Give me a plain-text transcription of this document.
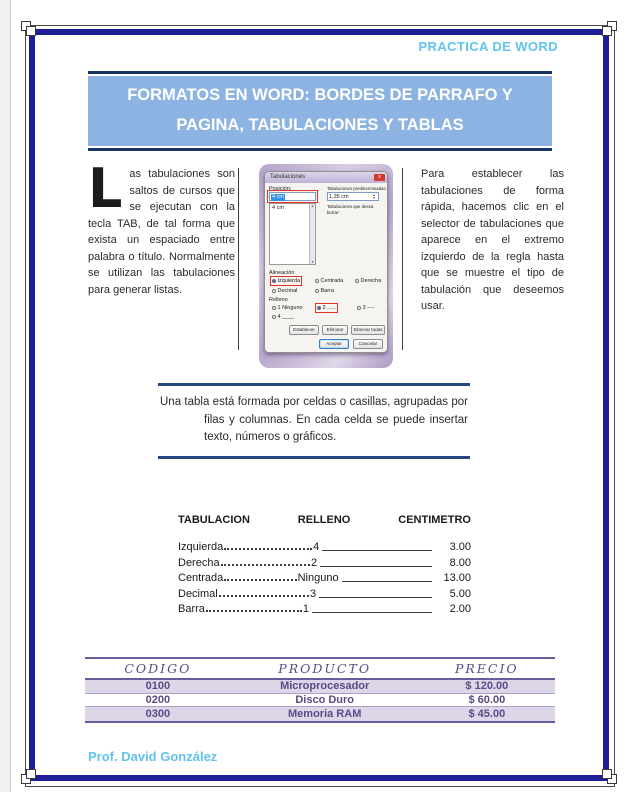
PRACTICA DE WORD
FORMATOS EN WORD: BORDES DE PARRAFO Y
PAGINA, TABULACIONES Y TABLAS
Las tabulaciones son saltos de cursos que se ejecutan con la tecla TAB, de tal forma que exista un espaciado entre palabra o título. Normalmente se utilizan las tabulaciones para generar listas.
Tabulaciones	x
Posición:	Tabulaciones predeterminadas:
4 cm	1,25 cm	▲
▼
4 cm	▲
▼
Tabulaciones que desea borrar:
Alineación
Izquierda	Centrada	Derecha
Decimal	Barra
Relleno
1 Ninguno	2 ......	3 ----
4 ____
Establecer	Eliminar	Eliminar todas
Aceptar	Cancelar
Para establecer las tabulaciones de forma rápida, hacemos clic en el selector de tabulaciones que aparece en el extremo izquierdo de la regla hasta que se muestre el tipo de tabulación que deseemos usar.
Una tabla está formada por celdas o casillas, agrupadas por filas y columnas. En cada celda se puede insertar texto, números o gráficos.
TABULACION	RELLENO	CENTIMETRO
Izquierda	4	3.00
Derecha	2	8.00
Centrada	Ninguno	13.00
Decimal	3	5.00
Barra	1	2.00
CODIGO	PRODUCTO	PRECIO
0100	Microprocesador	$ 120.00
0200	Disco Duro	$ 60.00
0300	Memoria RAM	$ 45.00
Prof. David González
